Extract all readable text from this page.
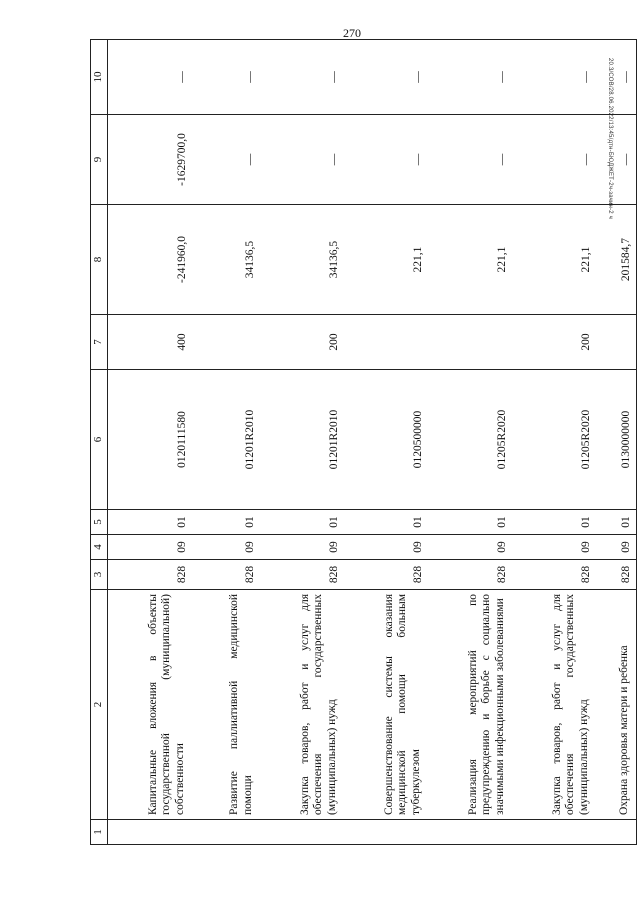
270
20.3/СОВ/28.06.2022/13:45/дтн-БЮДЖЕТ-2ч-зачин-2 ч
1	2	3	4	5	6	7	8	9	10
	Капитальные вложения в объекты государственной (муниципальной) собственности	828	09	01	0120111580	400	-241960,0	-1629700,0	—
	Развитие паллиативной медицинской помощи	828	09	01	01201R2010		34136,5	—	—
	Закупка товаров, работ и услуг для обеспечения государственных (муниципальных) нужд	828	09	01	01201R2010	200	34136,5	—	—
	Совершенствование системы оказания медицинской помощи больным туберкулезом	828	09	01	0120500000		221,1	—	—
	Реализация мероприятий по предупреждению и борьбе с социально значимыми инфекционными заболеваниями	828	09	01	01205R2020		221,1	—	—
	Закупка товаров, работ и услуг для обеспечения государственных (муниципальных) нужд	828	09	01	01205R2020	200	221,1	—	—
	Охрана здоровья матери и ребенка	828	09	01	0130000000		201584,7	—	—
